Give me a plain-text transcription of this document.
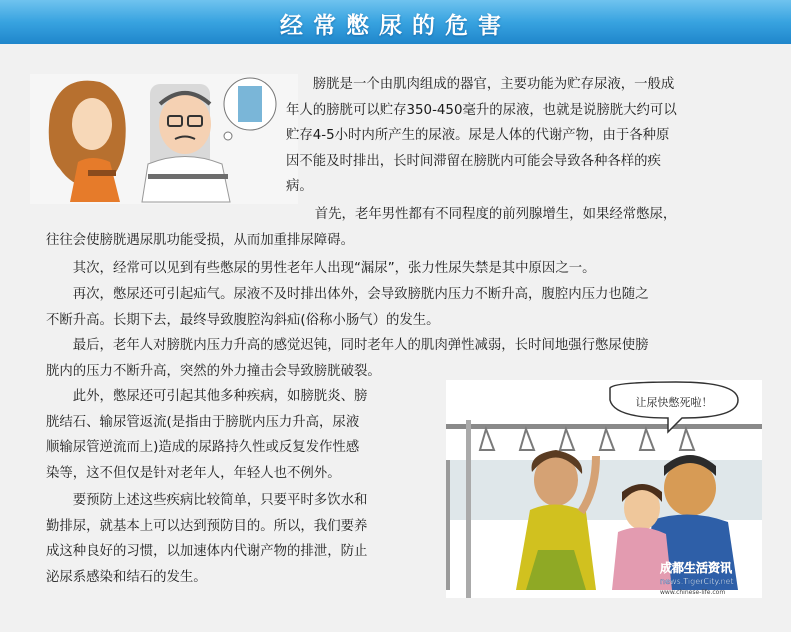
经常憋尿的危害
　　膀胱是一个由肌肉组成的器官，主要功能为贮存尿液，一般成
年人的膀胱可以贮存350-450毫升的尿液，也就是说膀胱大约可以
贮存4-5小时内所产生的尿液。尿是人体的代谢产物，由于各种原
因不能及时排出，长时间滞留在膀胱内可能会导致各种各样的疾
病。
　　首先，老年男性都有不同程度的前列腺增生，如果经常憋尿，
往往会使膀胱遇尿肌功能受损，从而加重排尿障碍。
　　其次，经常可以见到有些憋尿的男性老年人出现“漏尿”，张力性尿失禁是其中原因之一。
　　再次，憋尿还可引起疝气。尿液不及时排出体外，会导致膀胱内压力不断升高，腹腔内压力也随之
不断升高。长期下去，最终导致腹腔沟斜疝(俗称小肠气）的发生。
　　最后，老年人对膀胱内压力升高的感觉迟钝，同时老年人的肌肉弹性减弱，长时间地强行憋尿使膀
胱内的压力不断升高，突然的外力撞击会导致膀胱破裂。
　　此外，憋尿还可引起其他多种疾病，如膀胱炎、膀
胱结石、输尿管返流(是指由于膀胱内压力升高，尿液
顺输尿管逆流而上)造成的尿路持久性或反复发作性感
染等，这不但仅是针对老年人，年轻人也不例外。
　　要预防上述这些疾病比较简单，只要平时多饮水和
勤排尿，就基本上可以达到预防目的。所以，我们要养
成这种良好的习惯，以加速体内代谢产物的排泄，防止
泌尿系感染和结石的发生。
让尿快憋死啦！
成都生活资讯
news.TigerCity.net
www.chinese-life.com
